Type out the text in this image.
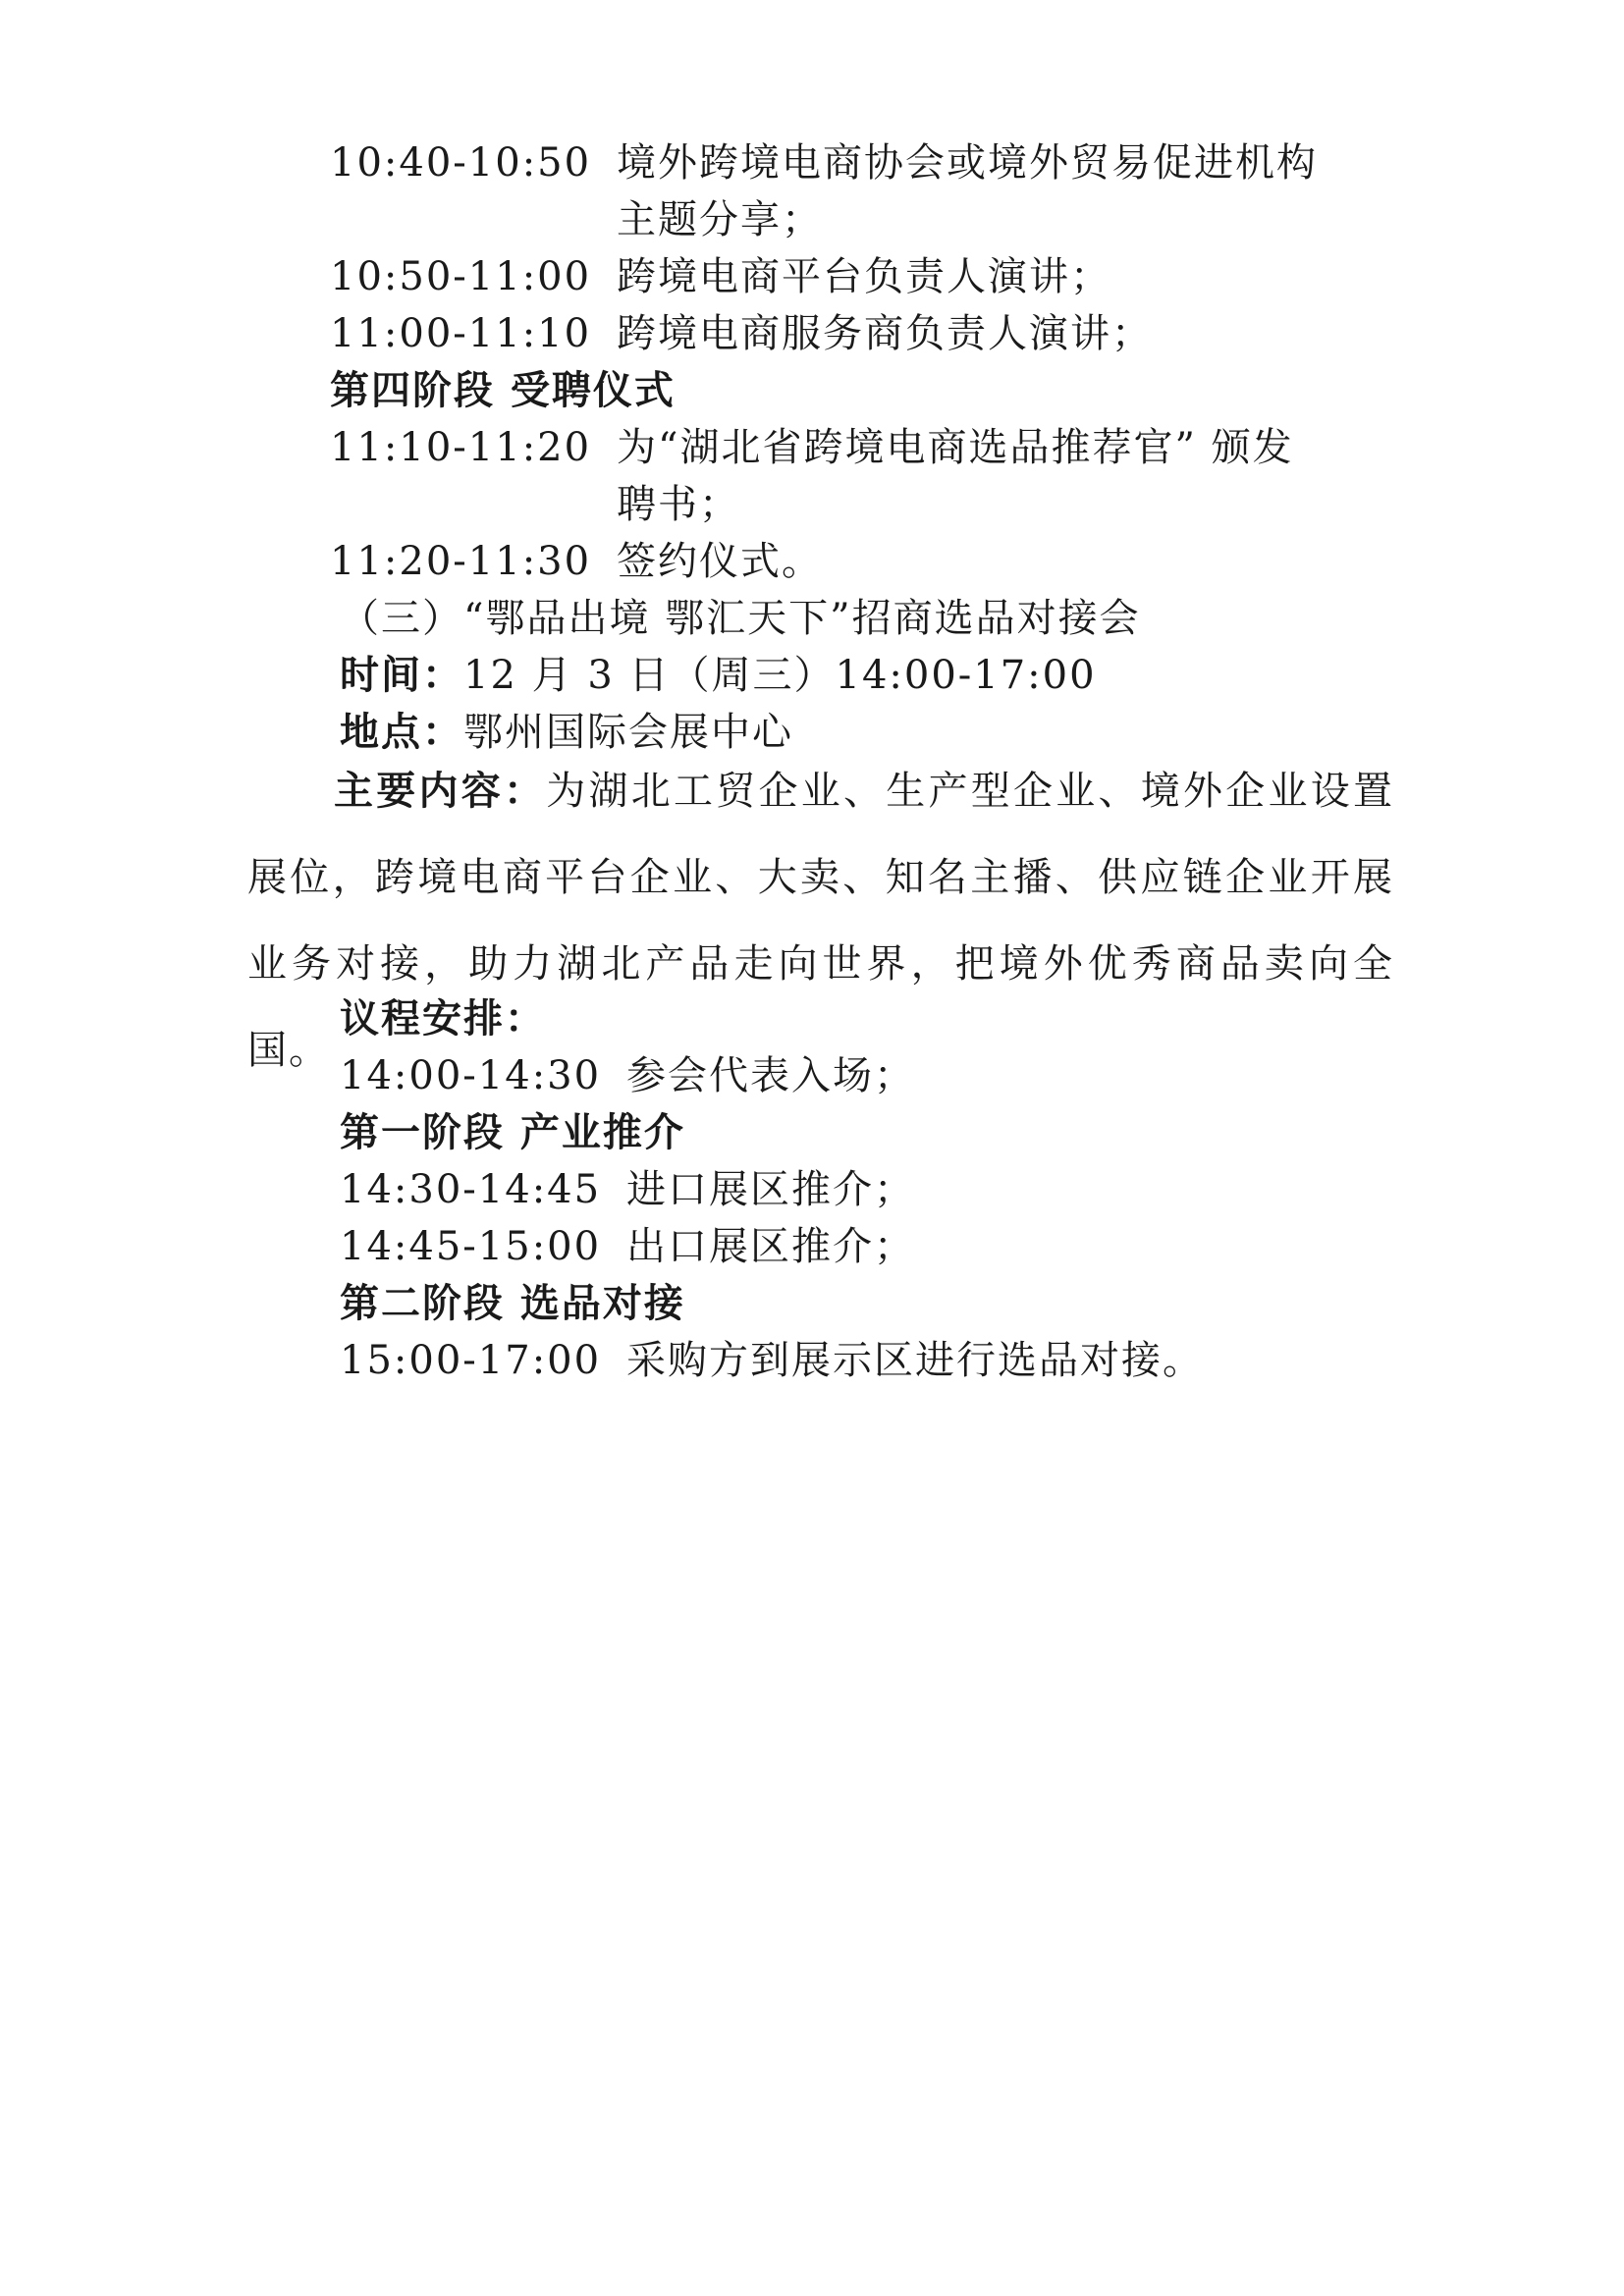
10:40-10:50 境外跨境电商协会或境外贸易促进机构
主题分享；
10:50-11:00 跨境电商平台负责人演讲；
11:00-11:10 跨境电商服务商负责人演讲；
第四阶段 受聘仪式
11:10-11:20 为“湖北省跨境电商选品推荐官” 颁发
聘书；
11:20-11:30 签约仪式。
（三）“鄂品出境 鄂汇天下”招商选品对接会
时间：12 月 3 日（周三）14:00-17:00
地点：鄂州国际会展中心
主要内容：为湖北工贸企业、生产型企业、境外企业设置展位，跨境电商平台企业、大卖、知名主播、供应链企业开展业务对接，助力湖北产品走向世界，把境外优秀商品卖向全国。
议程安排：
14:00-14:30 参会代表入场；
第一阶段 产业推介
14:30-14:45 进口展区推介；
14:45-15:00 出口展区推介；
第二阶段 选品对接
15:00-17:00 采购方到展示区进行选品对接。
